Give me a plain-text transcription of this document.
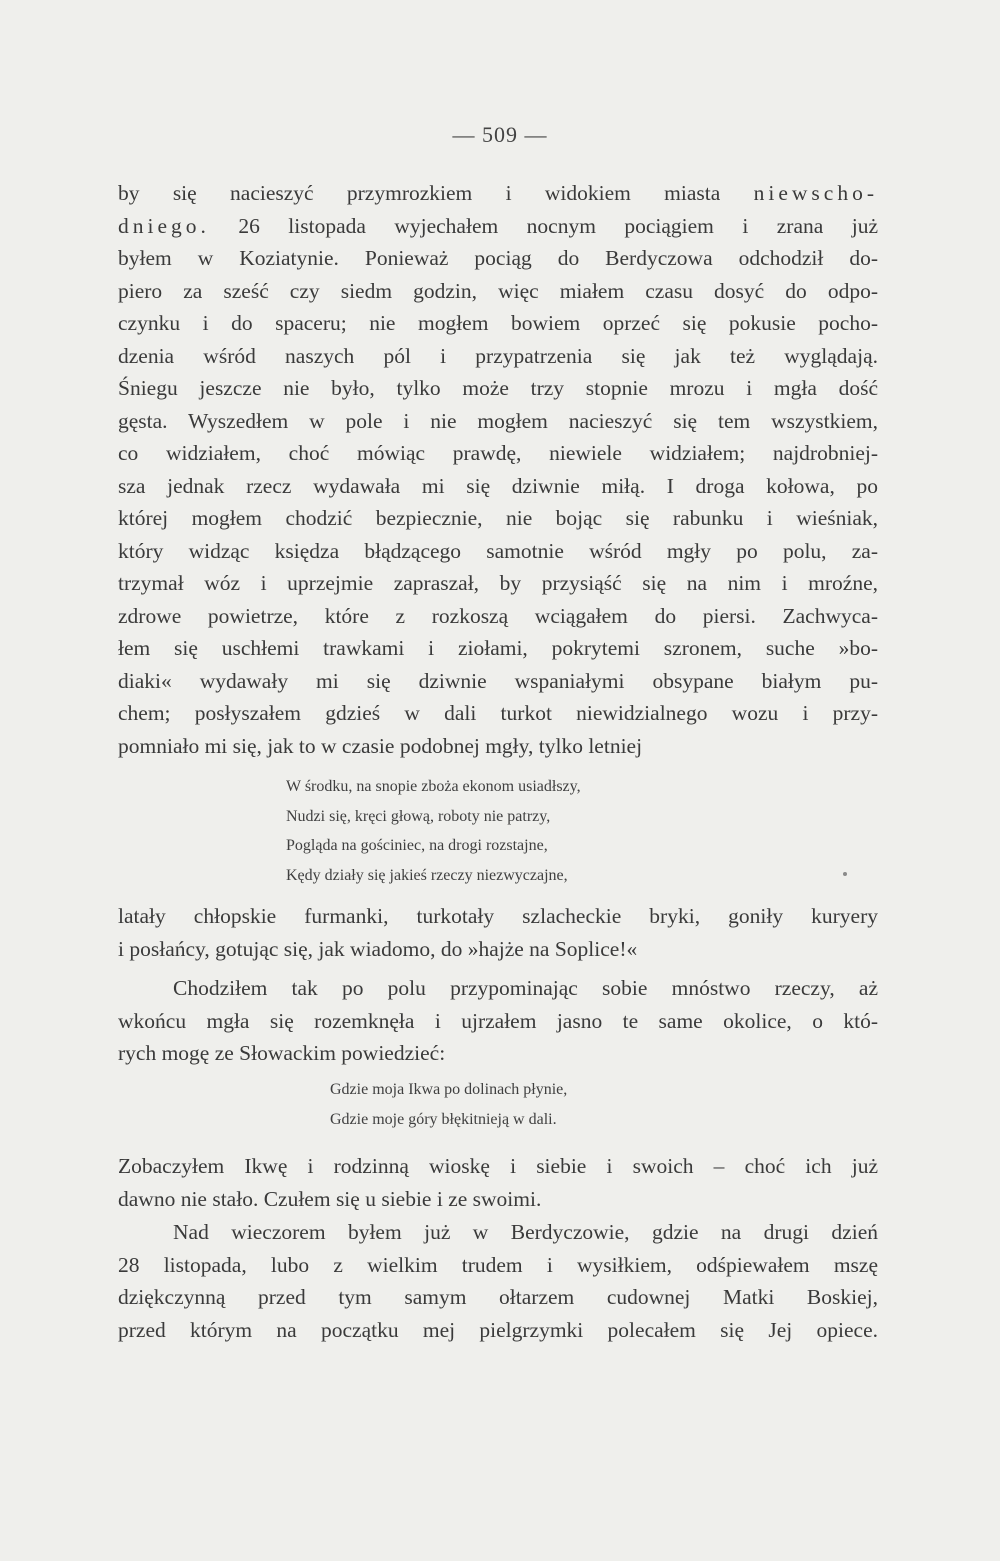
— 509 —
by się nacieszyć przymrozkiem i widokiem miasta niewscho-
dniego. 26 listopada wyjechałem nocnym pociągiem i zrana już
byłem w Koziatynie. Ponieważ pociąg do Berdyczowa odchodził do-
piero za sześć czy siedm godzin, więc miałem czasu dosyć do odpo-
czynku i do spaceru; nie mogłem bowiem oprzeć się pokusie pocho-
dzenia wśród naszych pól i przypatrzenia się jak też wyglądają.
Śniegu jeszcze nie było, tylko może trzy stopnie mrozu i mgła dość
gęsta. Wyszedłem w pole i nie mogłem nacieszyć się tem wszystkiem,
co widziałem, choć mówiąc prawdę, niewiele widziałem; najdrobniej-
sza jednak rzecz wydawała mi się dziwnie miłą. I droga kołowa, po
której mogłem chodzić bezpiecznie, nie bojąc się rabunku i wieśniak,
który widząc księdza błądzącego samotnie wśród mgły po polu, za-
trzymał wóz i uprzejmie zapraszał, by przysiąść się na nim i mroźne,
zdrowe powietrze, które z rozkoszą wciągałem do piersi. Zachwyca-
łem się uschłemi trawkami i ziołami, pokrytemi szronem, suche »bo-
diaki« wydawały mi się dziwnie wspaniałymi obsypane białym pu-
chem; posłyszałem gdzieś w dali turkot niewidzialnego wozu i przy-
pomniało mi się, jak to w czasie podobnej mgły, tylko letniej
W środku, na snopie zboża ekonom usiadłszy,
Nudzi się, kręci głową, roboty nie patrzy,
Pogląda na gościniec, na drogi rozstajne,
Kędy działy się jakieś rzeczy niezwyczajne,
latały chłopskie furmanki, turkotały szlacheckie bryki, goniły kuryery
i posłańcy, gotując się, jak wiadomo, do »hajże na Soplice!«
Chodziłem tak po polu przypominając sobie mnóstwo rzeczy, aż
wkońcu mgła się rozemknęła i ujrzałem jasno te same okolice, o któ-
rych mogę ze Słowackim powiedzieć:
Gdzie moja Ikwa po dolinach płynie,
Gdzie moje góry błękitnieją w dali.
Zobaczyłem Ikwę i rodzinną wioskę i siebie i swoich – choć ich już
dawno nie stało. Czułem się u siebie i ze swoimi.
Nad wieczorem byłem już w Berdyczowie, gdzie na drugi dzień
28 listopada, lubo z wielkim trudem i wysiłkiem, odśpiewałem mszę
dziękczynną przed tym samym ołtarzem cudownej Matki Boskiej,
przed którym na początku mej pielgrzymki polecałem się Jej opiece.
